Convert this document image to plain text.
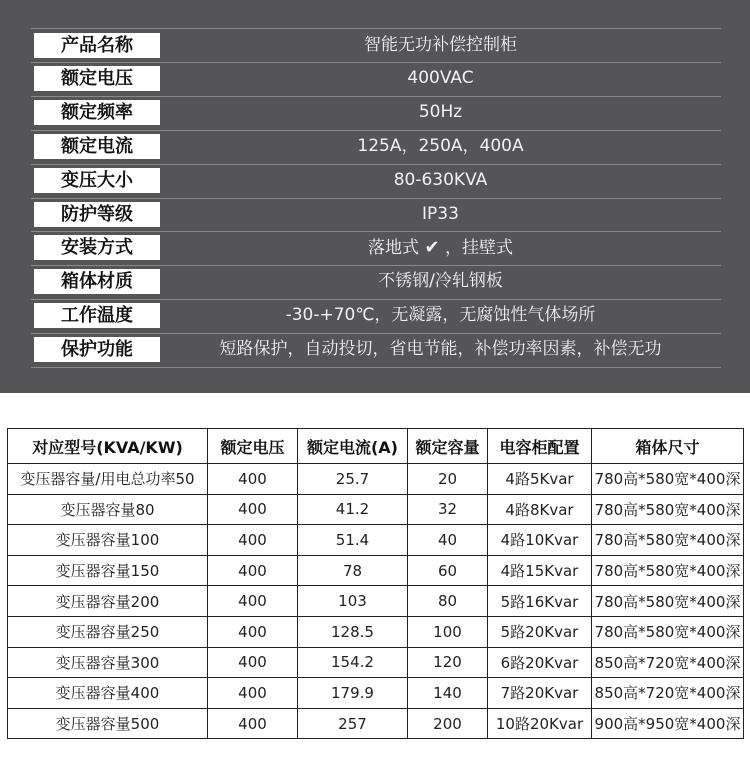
产品名称	智能无功补偿控制柜
额定电压	400VAC
额定频率	50Hz
额定电流	125A，250A，400A
变压大小	80-630KVA
防护等级	IP33
安装方式	落地式 ✔ ，挂壁式
箱体材质	不锈钢/冷轧钢板
工作温度	-30-+70℃，无凝露，无腐蚀性气体场所
保护功能	短路保护，自动投切，省电节能，补偿功率因素，补偿无功
对应型号(KVA/KW)	额定电压	额定电流(A)	额定容量	电容柜配置	箱体尺寸
变压器容量/用电总功率50	400	25.7	20	4路5Kvar	780高*580宽*400深
变压器容量80	400	41.2	32	4路8Kvar	780高*580宽*400深
变压器容量100	400	51.4	40	4路10Kvar	780高*580宽*400深
变压器容量150	400	78	60	4路15Kvar	780高*580宽*400深
变压器容量200	400	103	80	5路16Kvar	780高*580宽*400深
变压器容量250	400	128.5	100	5路20Kvar	780高*580宽*400深
变压器容量300	400	154.2	120	6路20Kvar	850高*720宽*400深
变压器容量400	400	179.9	140	7路20Kvar	850高*720宽*400深
变压器容量500	400	257	200	10路20Kvar	900高*950宽*400深
